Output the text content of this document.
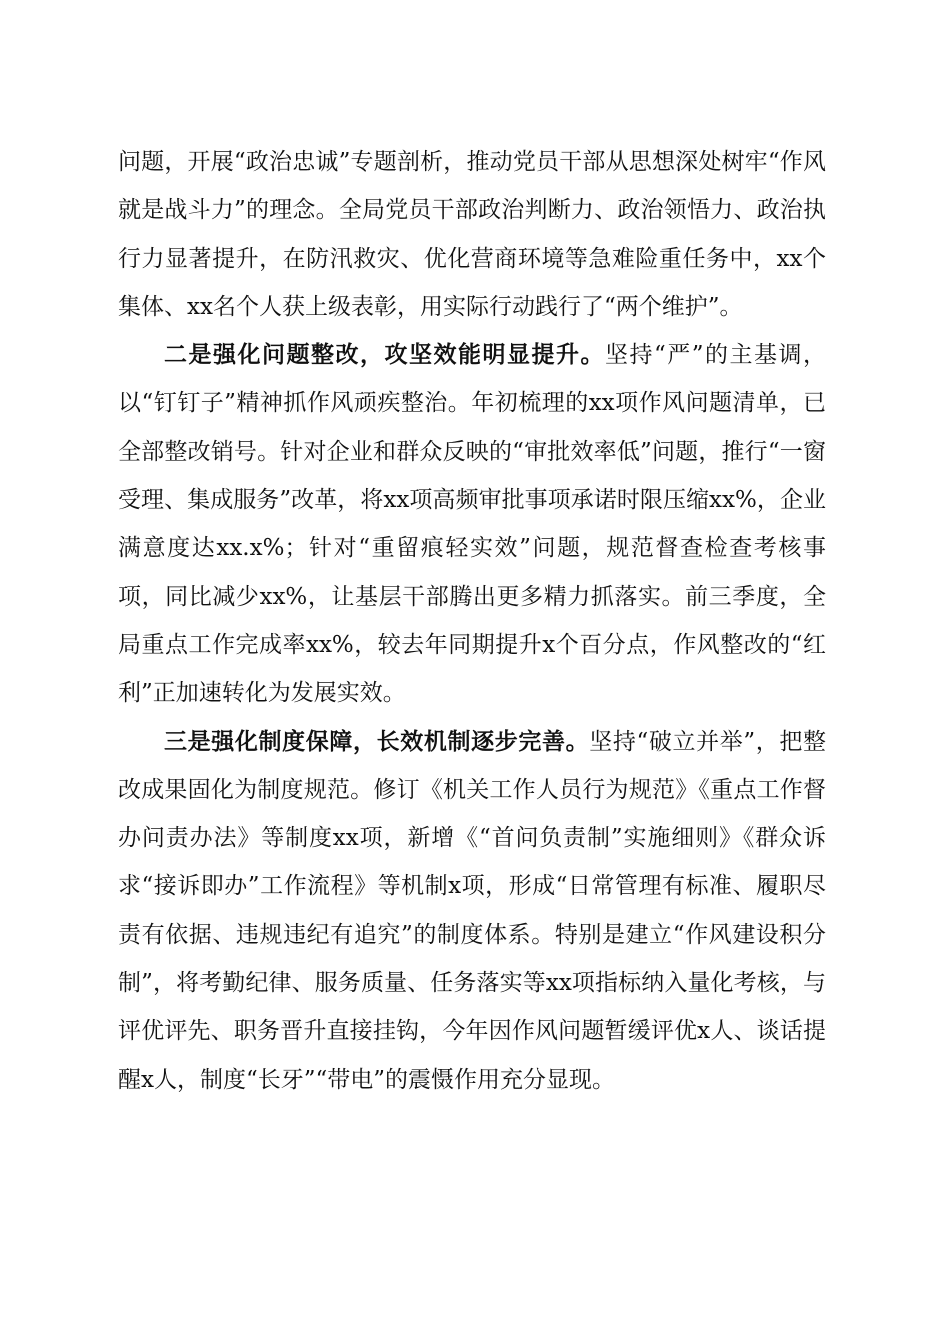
问题，开展“政治忠诚”专题剖析，推动党员干部从思想深处树牢“作风就是战斗力”的理念。全局党员干部政治判断力、政治领悟力、政治执行力显著提升，在防汛救灾、优化营商环境等急难险重任务中，xx个集体、xx名个人获上级表彰，用实际行动践行了“两个维护”。

二是强化问题整改，攻坚效能明显提升。坚持“严”的主基调，以“钉钉子”精神抓作风顽疾整治。年初梳理的xx项作风问题清单，已全部整改销号。针对企业和群众反映的“审批效率低”问题，推行“一窗受理、集成服务”改革，将xx项高频审批事项承诺时限压缩xx%，企业满意度达xx.x%；针对“重留痕轻实效”问题，规范督查检查考核事项，同比减少xx%，让基层干部腾出更多精力抓落实。前三季度，全局重点工作完成率xx%，较去年同期提升x个百分点，作风整改的“红利”正加速转化为发展实效。

三是强化制度保障，长效机制逐步完善。坚持“破立并举”，把整改成果固化为制度规范。修订《机关工作人员行为规范》《重点工作督办问责办法》等制度xx项，新增《“首问负责制”实施细则》《群众诉求“接诉即办”工作流程》等机制x项，形成“日常管理有标准、履职尽责有依据、违规违纪有追究”的制度体系。特别是建立“作风建设积分制”，将考勤纪律、服务质量、任务落实等xx项指标纳入量化考核，与评优评先、职务晋升直接挂钩，今年因作风问题暂缓评优x人、谈话提醒x人，制度“长牙”“带电”的震慑作用充分显现。
